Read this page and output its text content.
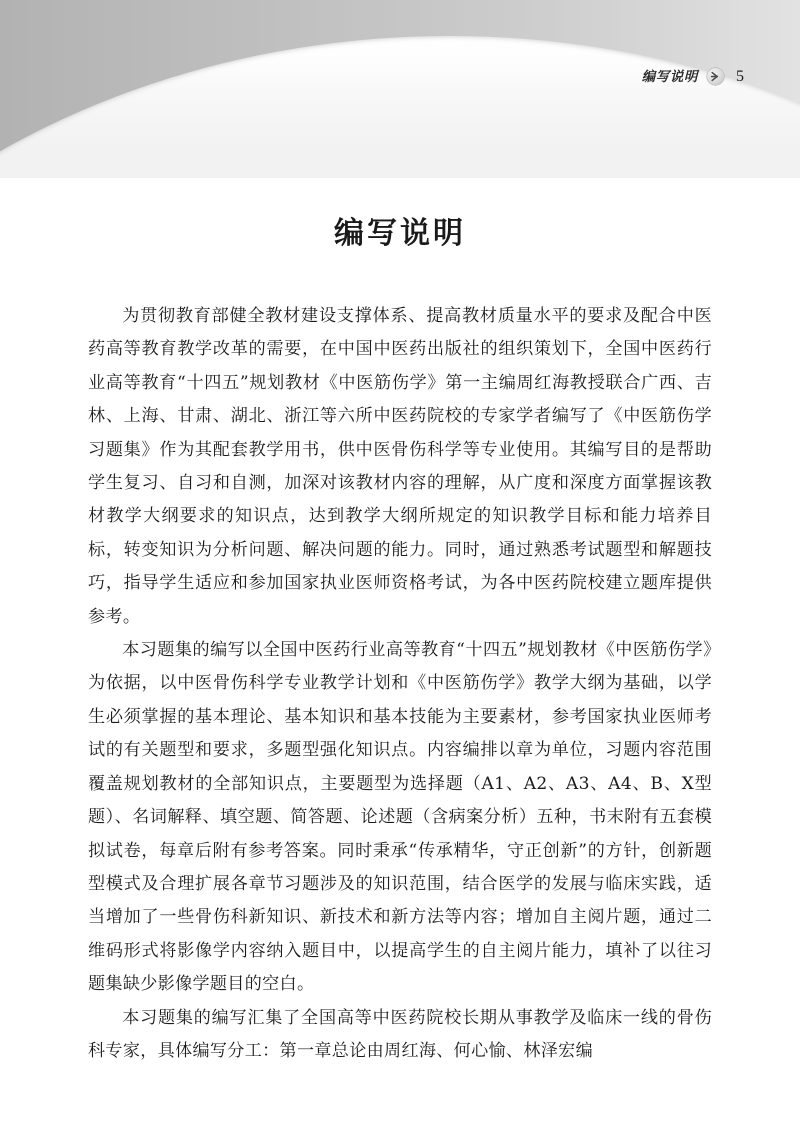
编写说明 5
编写说明

为贯彻教育部健全教材建设支撑体系、提高教材质量水平的要求及配合中医药高等教育教学改革的需要，在中国中医药出版社的组织策划下，全国中医药行业高等教育“十四五”规划教材《中医筋伤学》第一主编周红海教授联合广西、吉林、上海、甘肃、湖北、浙江等六所中医药院校的专家学者编写了《中医筋伤学习题集》作为其配套教学用书，供中医骨伤科学等专业使用。其编写目的是帮助学生复习、自习和自测，加深对该教材内容的理解，从广度和深度方面掌握该教材教学大纲要求的知识点，达到教学大纲所规定的知识教学目标和能力培养目标，转变知识为分析问题、解决问题的能力。同时，通过熟悉考试题型和解题技巧，指导学生适应和参加国家执业医师资格考试，为各中医药院校建立题库提供参考。

本习题集的编写以全国中医药行业高等教育“十四五”规划教材《中医筋伤学》为依据，以中医骨伤科学专业教学计划和《中医筋伤学》教学大纲为基础，以学生必须掌握的基本理论、基本知识和基本技能为主要素材，参考国家执业医师考试的有关题型和要求，多题型强化知识点。内容编排以章为单位，习题内容范围覆盖规划教材的全部知识点，主要题型为选择题（A1、A2、A3、A4、B、X型题）、名词解释、填空题、简答题、论述题（含病案分析）五种，书末附有五套模拟试卷，每章后附有参考答案。同时秉承“传承精华，守正创新”的方针，创新题型模式及合理扩展各章节习题涉及的知识范围，结合医学的发展与临床实践，适当增加了一些骨伤科新知识、新技术和新方法等内容；增加自主阅片题，通过二维码形式将影像学内容纳入题目中，以提高学生的自主阅片能力，填补了以往习题集缺少影像学题目的空白。

本习题集的编写汇集了全国高等中医药院校长期从事教学及临床一线的骨伤科专家，具体编写分工：第一章总论由周红海、何心愉、林泽宏编
